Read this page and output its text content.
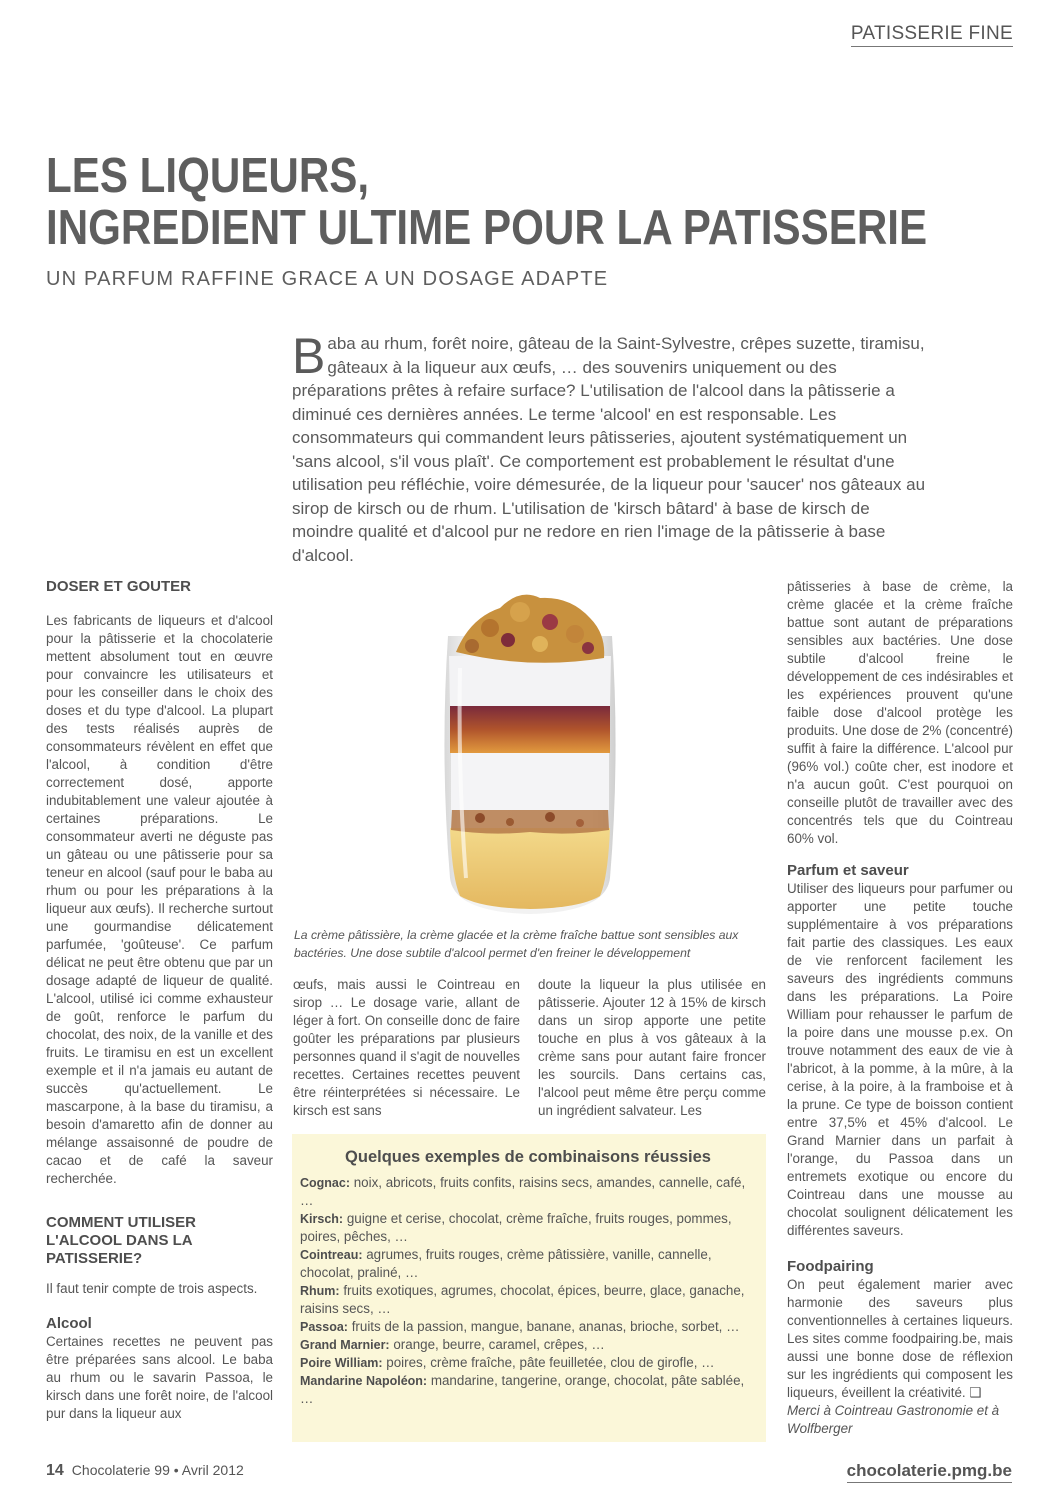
PATISSERIE FINE
LES LIQUEURS,
INGREDIENT ULTIME POUR LA PATISSERIE
UN PARFUM RAFFINE GRACE A UN DOSAGE ADAPTE
Baba au rhum, forêt noire, gâteau de la Saint-Sylvestre, crêpes suzette, tiramisu, gâteaux à la liqueur aux œufs, … des souvenirs uniquement ou des préparations prêtes à refaire surface? L'utilisation de l'alcool dans la pâtisserie a diminué ces dernières années. Le terme 'alcool' en est responsable. Les consommateurs qui commandent leurs pâtisseries, ajoutent systématiquement un 'sans alcool, s'il vous plaît'. Ce comportement est probablement le résultat d'une utilisation peu réfléchie, voire démesurée, de la liqueur pour 'saucer' nos gâteaux au sirop de kirsch ou de rhum. L'utilisation de 'kirsch bâtard' à base de kirsch de moindre qualité et d'alcool pur ne redore en rien l'image de la pâtisserie à base d'alcool.
DOSER ET GOUTER

Les fabricants de liqueurs et d'alcool pour la pâtisserie et la chocolaterie mettent absolument tout en œuvre pour convaincre les utilisateurs et pour les conseiller dans le choix des doses et du type d'alcool. La plupart des tests réalisés auprès de consommateurs révèlent en effet que l'alcool, à condition d'être correctement dosé, apporte indubitablement une valeur ajoutée à certaines préparations. Le consommateur averti ne déguste pas un gâteau ou une pâtisserie pour sa teneur en alcool (sauf pour le baba au rhum ou pour les préparations à la liqueur aux œufs). Il recherche surtout une gourmandise délicatement parfumée, 'goûteuse'. Ce parfum délicat ne peut être obtenu que par un dosage adapté de liqueur de qualité. L'alcool, utilisé ici comme exhausteur de goût, renforce le parfum du chocolat, des noix, de la vanille et des fruits. Le tiramisu en est un excellent exemple et il n'a jamais eu autant de succès qu'actuellement. Le mascarpone, à la base du tiramisu, a besoin d'amaretto afin de donner au mélange assaisonné de poudre de cacao et de café la saveur recherchée.

COMMENT UTILISER L'ALCOOL DANS LA PATISSERIE?

Il faut tenir compte de trois aspects.

Alcool

Certaines recettes ne peuvent pas être préparées sans alcool. Le baba au rhum ou le savarin Passoa, le kirsch dans une forêt noire, de l'alcool pur dans la liqueur aux

La crème pâtissière, la crème glacée et la crème fraîche battue sont sensibles aux bactéries. Une dose subtile d'alcool permet d'en freiner le développement

œufs, mais aussi le Cointreau en sirop … Le dosage varie, allant de léger à fort. On conseille donc de faire goûter les préparations par plusieurs personnes quand il s'agit de nouvelles recettes. Certaines recettes peuvent être réinterprétées si nécessaire. Le kirsch est sans

doute la liqueur la plus utilisée en pâtisserie. Ajouter 12 à 15% de kirsch dans un sirop apporte une petite touche en plus à vos gâteaux à la crème sans pour autant faire froncer les sourcils. Dans certains cas, l'alcool peut même être perçu comme un ingrédient salvateur. Les

Quelques exemples de combinaisons réussies
Cognac: noix, abricots, fruits confits, raisins secs, amandes, cannelle, café, …
Kirsch: guigne et cerise, chocolat, crème fraîche, fruits rouges, pommes, poires, pêches, …
Cointreau: agrumes, fruits rouges, crème pâtissière, vanille, cannelle, chocolat, praliné, …
Rhum: fruits exotiques, agrumes, chocolat, épices, beurre, glace, ganache, raisins secs, …
Passoa: fruits de la passion, mangue, banane, ananas, brioche, sorbet, …
Grand Marnier: orange, beurre, caramel, crêpes, …
Poire William: poires, crème fraîche, pâte feuilletée, clou de girofle, …
Mandarine Napoléon: mandarine, tangerine, orange, chocolat, pâte sablée, …

pâtisseries à base de crème, la crème glacée et la crème fraîche battue sont autant de préparations sensibles aux bactéries. Une dose subtile d'alcool freine le développement de ces indésirables et les expériences prouvent qu'une faible dose d'alcool protège les produits. Une dose de 2% (concentré) suffit à faire la différence. L'alcool pur (96% vol.) coûte cher, est inodore et n'a aucun goût. C'est pourquoi on conseille plutôt de travailler avec des concentrés tels que du Cointreau 60% vol.

Parfum et saveur

Utiliser des liqueurs pour parfumer ou apporter une petite touche supplémentaire à vos préparations fait partie des classiques. Les eaux de vie renforcent facilement les saveurs des ingrédients communs dans les préparations. La Poire William pour rehausser le parfum de la poire dans une mousse p.ex. On trouve notamment des eaux de vie à l'abricot, à la pomme, à la mûre, à la cerise, à la poire, à la framboise et à la prune. Ce type de boisson contient entre 37,5% et 45% d'alcool. Le Grand Marnier dans un parfait à l'orange, du Passoa dans un entremets exotique ou encore du Cointreau dans une mousse au chocolat soulignent délicatement les différentes saveurs.

Foodpairing

On peut également marier avec harmonie des saveurs plus conventionnelles à certaines liqueurs. Les sites comme foodpairing.be, mais aussi une bonne dose de réflexion sur les ingrédients qui composent les liqueurs, éveillent la créativité. ❑

Merci à Cointreau Gastronomie et à Wolfberger

14 Chocolaterie 99 • Avril 2012	chocolaterie.pmg.be
